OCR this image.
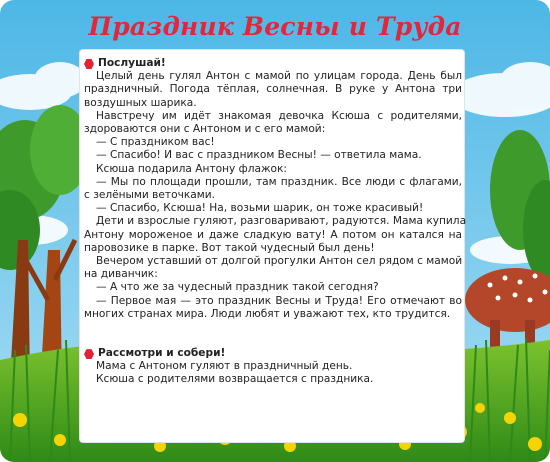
Праздник Весны и Труда

Послушай!

Целый день гулял Антон с мамой по улицам города. День был

праздничный. Погода тёплая, солнечная. В руке у Антона три

воздушных шарика.

Навстречу им идёт знакомая девочка Ксюша с родителями,

здороваются они с Антоном и с его мамой:

— С праздником вас!

— Спасибо! И вас с праздником Весны! — ответила мама.

Ксюша подарила Антону флажок:

— Мы по площади прошли, там праздник. Все люди с флагами,

с зелёными веточками.

— Спасибо, Ксюша! На, возьми шарик, он тоже красивый!

Дети и взрослые гуляют, разговаривают, радуются. Мама купила

Антону мороженое и даже сладкую вату! А потом он катался на

паровозике в парке. Вот такой чудесный был день!

Вечером уставший от долгой прогулки Антон сел рядом с мамой

на диванчик:

— А что же за чудесный праздник такой сегодня?

— Первое мая — это праздник Весны и Труда! Его отмечают во

многих странах мира. Люди любят и уважают тех, кто трудится.

Рассмотри и собери!

Мама с Антоном гуляют в праздничный день.

Ксюша с родителями возвращается с праздника.
